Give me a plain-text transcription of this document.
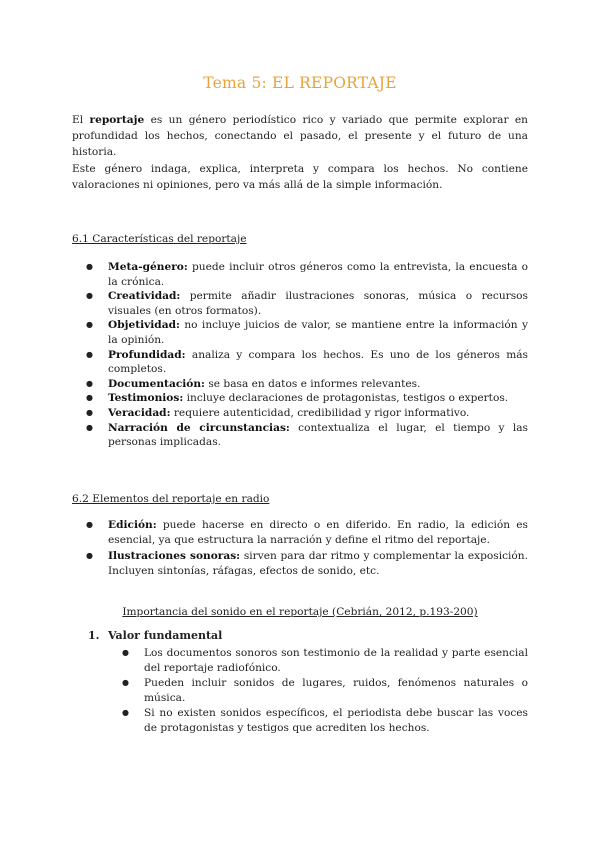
Tema 5: EL REPORTAJE

El reportaje es un género periodístico rico y variado que permite explorar en profundidad los hechos, conectando el pasado, el presente y el futuro de una historia.

Este género indaga, explica, interpreta y compara los hechos. No contiene valoraciones ni opiniones, pero va más allá de la simple información.

6.1 Características del reportaje
● Meta-género: puede incluir otros géneros como la entrevista, la encuesta o la crónica.
● Creatividad: permite añadir ilustraciones sonoras, música o recursos visuales (en otros formatos).
● Objetividad: no incluye juicios de valor, se mantiene entre la información y la opinión.
● Profundidad: analiza y compara los hechos. Es uno de los géneros más completos.
● Documentación: se basa en datos e informes relevantes.
● Testimonios: incluye declaraciones de protagonistas, testigos o expertos.
● Veracidad: requiere autenticidad, credibilidad y rigor informativo.
● Narración de circunstancias: contextualiza el lugar, el tiempo y las personas implicadas.
6.2 Elementos del reportaje en radio
● Edición: puede hacerse en directo o en diferido. En radio, la edición es esencial, ya que estructura la narración y define el ritmo del reportaje.
● Ilustraciones sonoras: sirven para dar ritmo y complementar la exposición. Incluyen sintonías, ráfagas, efectos de sonido, etc.
Importancia del sonido en el reportaje (Cebrián, 2012, p.193-200)
1. Valor fundamental
● Los documentos sonoros son testimonio de la realidad y parte esencial del reportaje radiofónico.
● Pueden incluir sonidos de lugares, ruidos, fenómenos naturales o música.
● Si no existen sonidos específicos, el periodista debe buscar las voces de protagonistas y testigos que acrediten los hechos.
